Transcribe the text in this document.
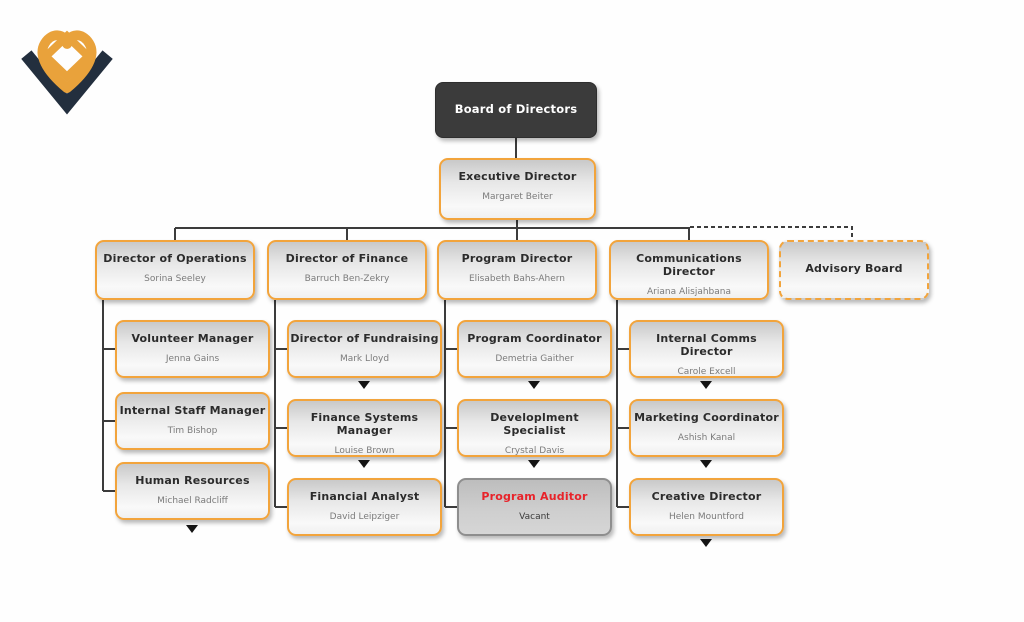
Board of Directors
Executive Director
Margaret Beiter
Advisory Board
Director of Operations
Sorina Seeley
Director of Finance
Barruch Ben-Zekry
Program Director
Elisabeth Bahs-Ahern
Communications Director
Ariana Alisjahbana
Volunteer Manager
Jenna Gains
Internal Staff Manager
Tim Bishop
Human Resources
Michael Radcliff
Director of Fundraising
Mark Lloyd
Finance Systems Manager
Louise Brown
Financial Analyst
David Leipziger
Program Coordinator
Demetria Gaither
Developlment Specialist
Crystal Davis
Program Auditor
Vacant
Internal Comms Director
Carole Excell
Marketing Coordinator
Ashish Kanal
Creative Director
Helen Mountford
